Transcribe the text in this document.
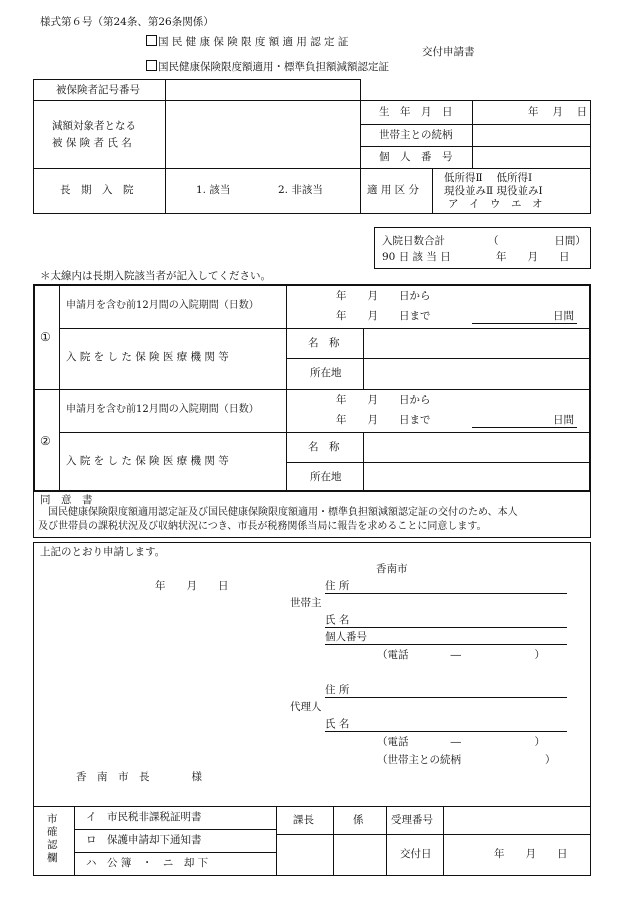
様式第６号（第24条、第26条関係）
国 民 健 康 保 険 限 度 額 適 用 認 定 証
交付申請書
国民健康保険限度額適用・標準負担額減額認定証
被保険者記号番号
減額対象者となる
被 保 険 者 氏 名
生　年　月　日	年　 月　 日
世帯主との続柄
個　人　番　号
長　期　入　院	1. 該当	2. 非該当	適 用 区 分
低所得Ⅱ　 低所得Ⅰ
現役並みⅡ 現役並みⅠ
ア　イ　ウ　エ　オ
入院日数合計	（　　　　　 日間）
90 日 該 当 日	年　　月　　日
＊太線内は長期入院該当者が記入してください。
①
申請月を含む前12月間の入院期間（日数）
年　　月　　日から
年　　月　　日まで	日間
入 院 を し た 保 険 医 療 機 関 等
名　称
所在地
②
申請月を含む前12月間の入院期間（日数）
年　　月　　日から
年　　月　　日まで	日間
入 院 を し た 保 険 医 療 機 関 等
名　称
所在地
同　意　書
国民健康保険限度額適用認定証及び国民健康保険限度額適用・標準負担額減額認定証の交付のため、本人
及び世帯員の課税状況及び収納状況につき、市長が税務関係当局に報告を求めることに同意します。
上記のとおり申請します。
香南市
年　　月　　日	住 所
世帯主
氏 名
個人番号
（電話　　　　―　　　　　　　）
住 所
代理人
氏 名
（電話　　　　―　　　　　　　）
（世帯主との続柄　　　　　　　　）
香　南　市　長　　　　様
市
確
認
欄
イ　市民税非課税証明書
ロ　保護申請却下通知書
ハ　公 簿　・　ニ　却 下
課長	係	受理番号
交付日	年　　月　　日
